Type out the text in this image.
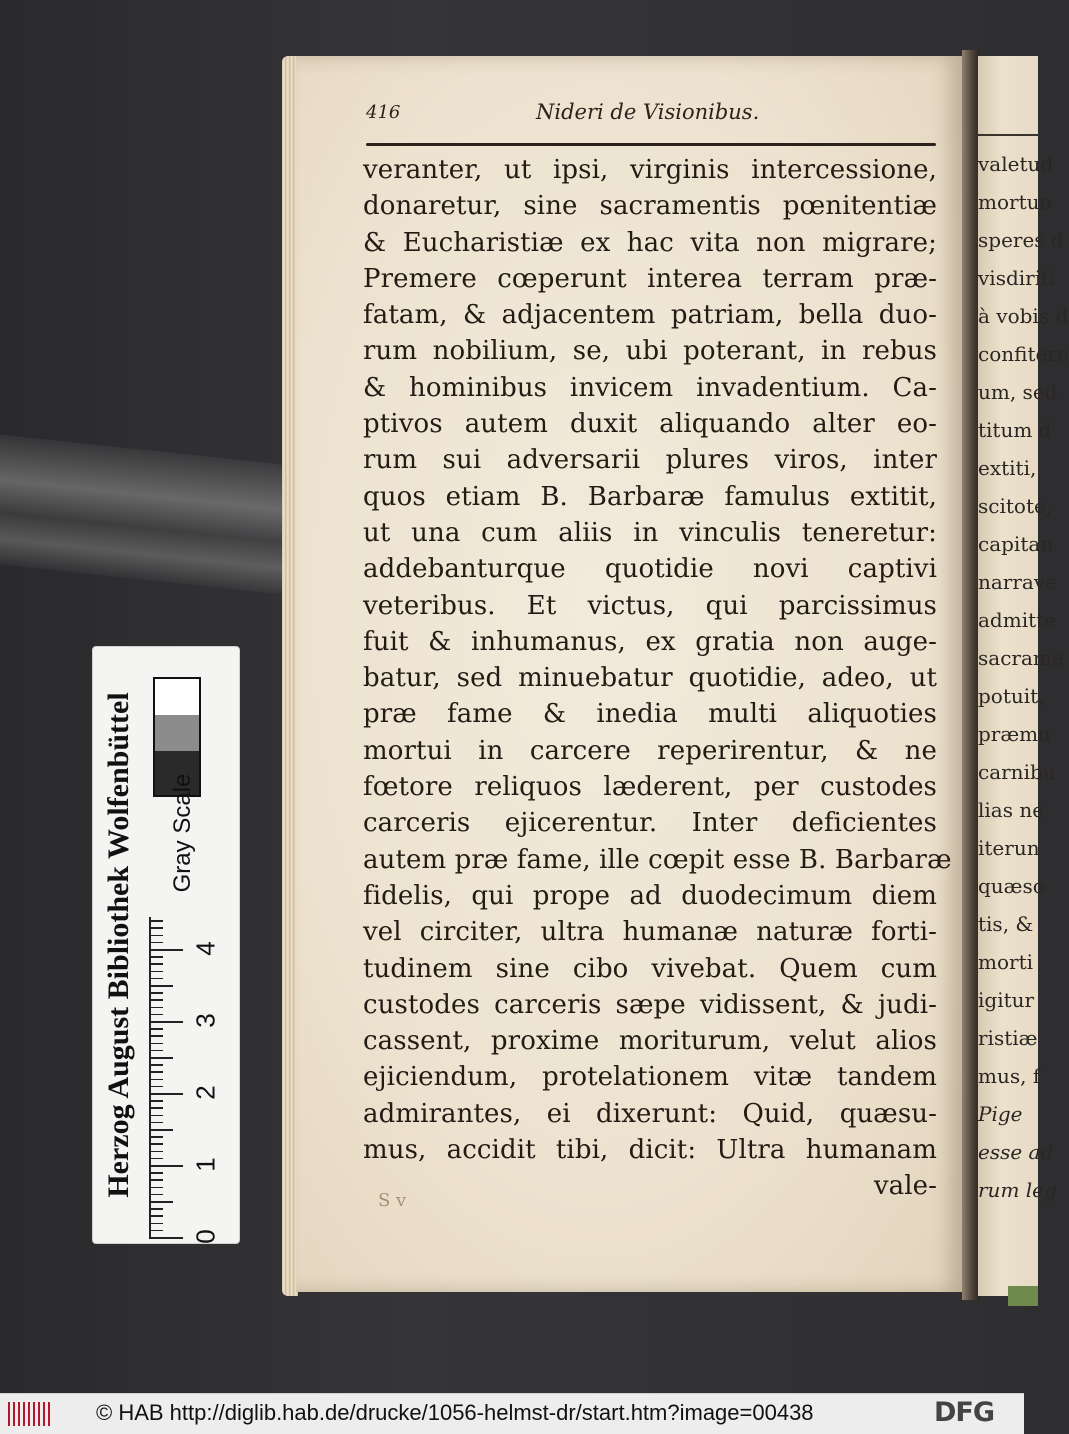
valetud
mortuo
speres d
visdiriti
à vobis d
confitere
um, sed
titum d
extiti,
scitote,
capitan
narrave
admitte
sacrame
potuit,
præmu
carnibu
lias ne
iterun
quæso
tis, &
morti
igitur
ristiæ
mus, f
Pige
esse ad
rum leg
416	Nideri de Visionibus.
veranter, ut ipsi, virginis intercessione,
donaretur, sine sacramentis pœnitentiæ
& Eucharistiæ ex hac vita non migrare;
Premere cœperunt interea terram præ-
fatam, & adjacentem patriam, bella duo-
rum nobilium, se, ubi poterant, in rebus
& hominibus invicem invadentium. Ca-
ptivos autem duxit aliquando alter eo-
rum sui adversarii plures viros, inter
quos etiam B. Barbaræ famulus extitit,
ut una cum aliis in vinculis teneretur:
addebanturque quotidie novi captivi
veteribus. Et victus, qui parcissimus
fuit & inhumanus, ex gratia non auge-
batur, sed minuebatur quotidie, adeo, ut
præ fame & inedia multi aliquoties
mortui in carcere reperirentur, & ne
fœtore reliquos læderent, per custodes
carceris ejicerentur. Inter deficientes
autem præ fame, ille cœpit esse B. Barbaræ
fidelis, qui prope ad duodecimum diem
vel circiter, ultra humanæ naturæ forti-
tudinem sine cibo vivebat. Quem cum
custodes carceris sæpe vidissent, & judi-
cassent, proxime moriturum, velut alios
ejiciendum, protelationem vitæ tandem
admirantes, ei dixerunt: Quid, quæsu-
mus, accidit tibi, dicit: Ultra humanam
vale-
S v
Herzog August Bibliothek Wolfenbüttel Gray Scale
0
1
2
3
4
© HAB http://diglib.hab.de/drucke/1056-helmst-dr/start.htm?image=00438	DFG
